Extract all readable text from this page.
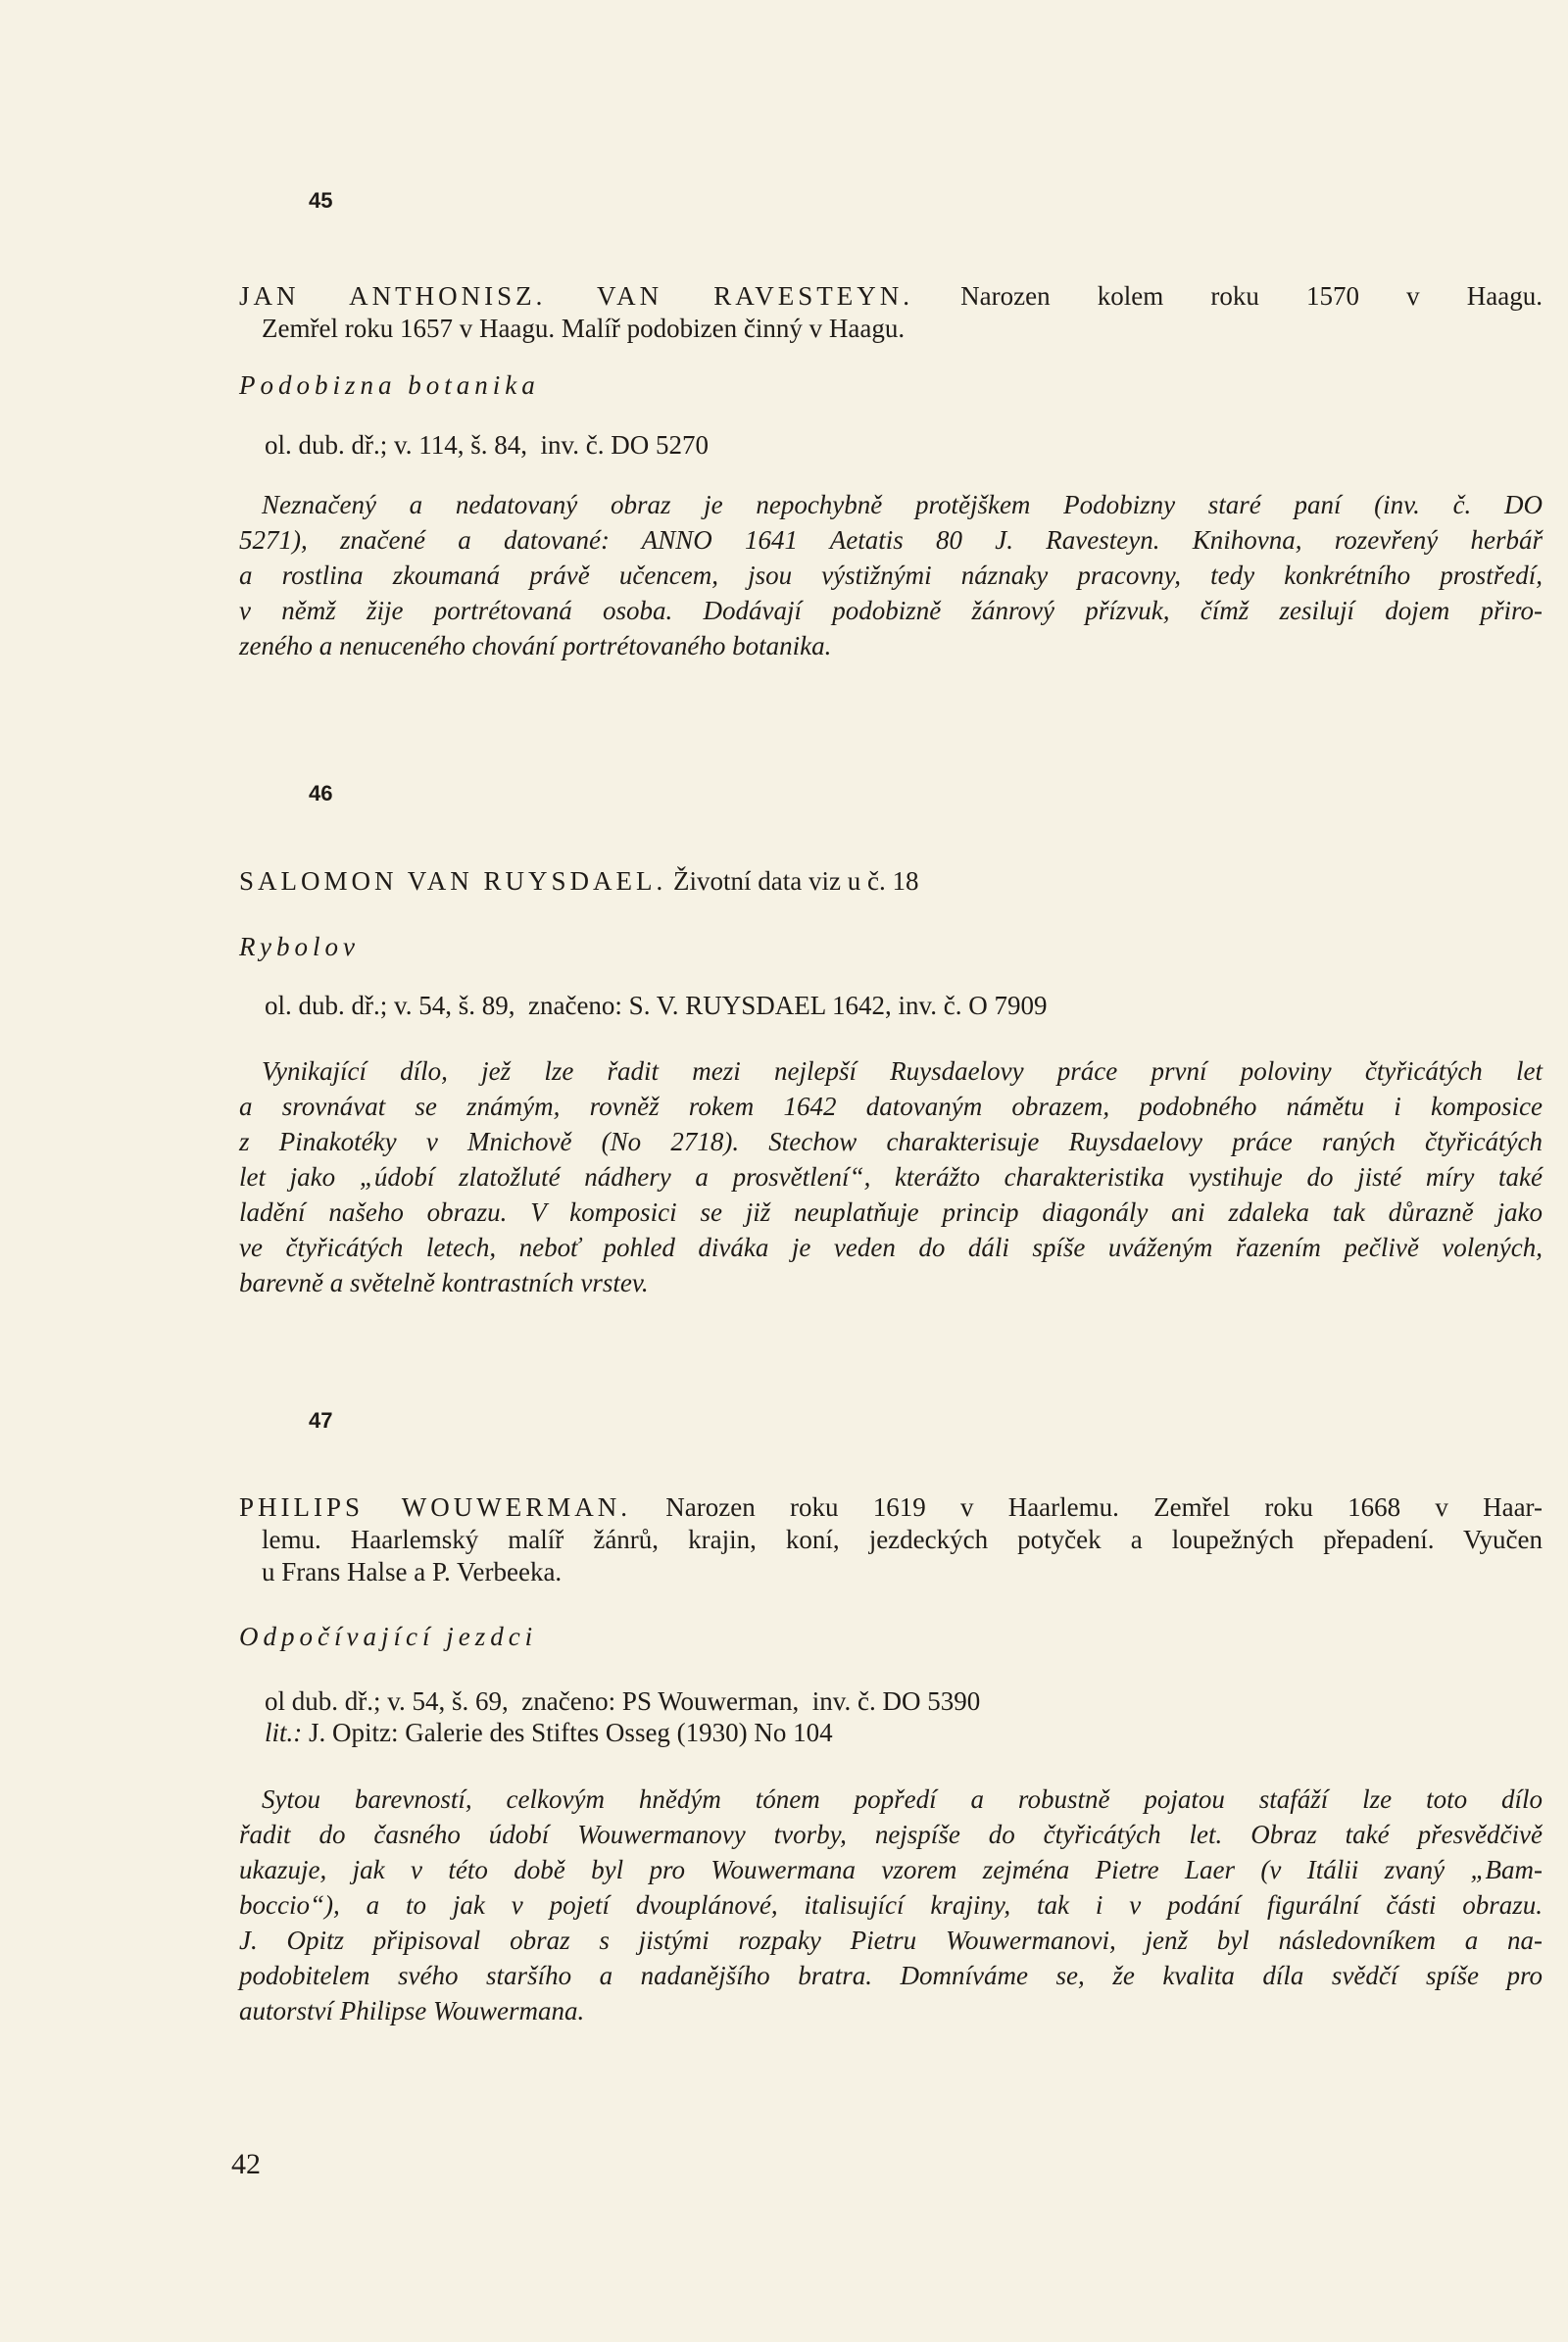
45
JAN ANTHONISZ. VAN RAVESTEYN. Narozen kolem roku 1570 v Haagu.
Zemřel roku 1657 v Haagu. Malíř podobizen činný v Haagu.
Podobizna botanika
ol. dub. dř.; v. 114, š. 84,  inv. č. DO 5270
Neznačený a nedatovaný obraz je nepochybně protějškem Podobizny staré paní (inv. č. DO
5271), značené a datované: ANNO 1641 Aetatis 80 J. Ravesteyn. Knihovna, rozevřený herbář
a rostlina zkoumaná právě učencem, jsou výstižnými náznaky pracovny, tedy konkrétního prostředí,
v němž žije portrétovaná osoba. Dodávají podobizně žánrový přízvuk, čímž zesilují dojem přiro-
zeného a nenuceného chování portrétovaného botanika.
46
SALOMON VAN RUYSDAEL. Životní data viz u č. 18
Rybolov
ol. dub. dř.; v. 54, š. 89,  značeno: S. V. RUYSDAEL 1642, inv. č. O 7909
Vynikající dílo, jež lze řadit mezi nejlepší Ruysdaelovy práce první poloviny čtyřicátých let
a srovnávat se známým, rovněž rokem 1642 datovaným obrazem, podobného námětu i komposice
z Pinakotéky v Mnichově (No 2718). Stechow charakterisuje Ruysdaelovy práce raných čtyřicátých
let jako „údobí zlatožluté nádhery a prosvětlení“, kterážto charakteristika vystihuje do jisté míry také
ladění našeho obrazu. V komposici se již neuplatňuje princip diagonály ani zdaleka tak důrazně jako
ve čtyřicátých letech, neboť pohled diváka je veden do dáli spíše uváženým řazením pečlivě volených,
barevně a světelně kontrastních vrstev.
47
PHILIPS WOUWERMAN. Narozen roku 1619 v Haarlemu. Zemřel roku 1668 v Haar-
lemu. Haarlemský malíř žánrů, krajin, koní, jezdeckých potyček a loupežných přepadení. Vyučen
u Frans Halse a P. Verbeeka.
Odpočívající jezdci
ol dub. dř.; v. 54, š. 69,  značeno: PS Wouwerman,  inv. č. DO 5390
lit.: J. Opitz: Galerie des Stiftes Osseg (1930) No 104
Sytou barevností, celkovým hnědým tónem popředí a robustně pojatou stafáží lze toto dílo
řadit do časného údobí Wouwermanovy tvorby, nejspíše do čtyřicátých let. Obraz také přesvědčivě
ukazuje, jak v této době byl pro Wouwermana vzorem zejména Pietre Laer (v Itálii zvaný „Bam-
boccio“), a to jak v pojetí dvouplánové, italisující krajiny, tak i v podání figurální části obrazu.
J. Opitz připisoval obraz s jistými rozpaky Pietru Wouwermanovi, jenž byl následovníkem a na-
podobitelem svého staršího a nadanějšího bratra. Domníváme se, že kvalita díla svědčí spíše pro
autorství Philipse Wouwermana.
42
